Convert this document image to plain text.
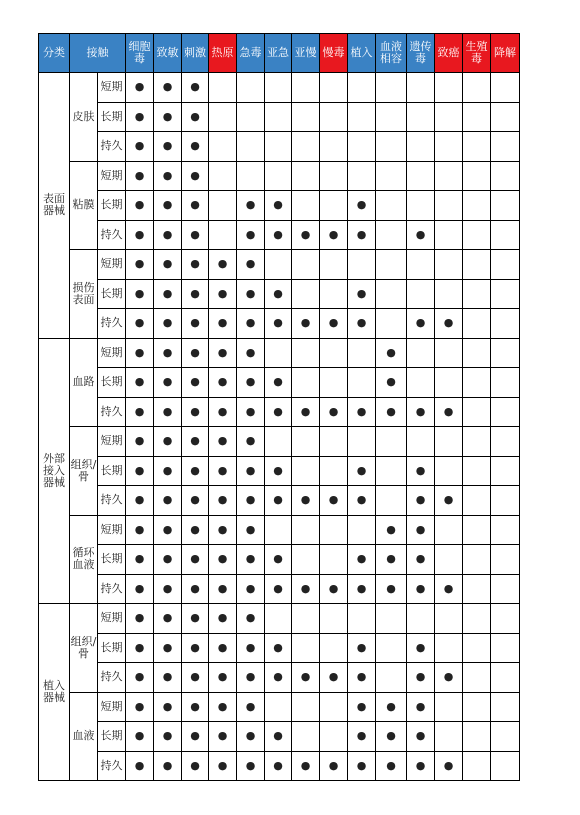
分类	接触		细胞毒	致敏	刺激	热原	急毒	亚急	亚慢	慢毒	植入	血液相容	遗传毒	致癌	生殖毒	降解
表面器械	皮肤	短期	●	●	●											
		长期	●	●	●											
		持久	●	●	●											
	粘膜	短期	●	●	●											
		长期	●	●	●		●	●			●					
		持久	●	●	●		●	●	●	●	●		●			
	损伤表面	短期	●	●	●	●	●									
		长期	●	●	●	●	●	●			●					
		持久	●	●	●	●	●	●	●	●	●		●	●		
外部接入器械	血路	短期	●	●	●	●	●					●				
		长期	●	●	●	●	●	●				●				
		持久	●	●	●	●	●	●	●	●	●	●	●	●		
	组织/骨	短期	●	●	●	●	●									
		长期	●	●	●	●	●	●			●		●			
		持久	●	●	●	●	●	●	●	●	●		●	●		
	循环血液	短期	●	●	●	●	●					●	●			
		长期	●	●	●	●	●	●			●	●	●			
		持久	●	●	●	●	●	●	●	●	●	●	●	●		
植入器械	组织/骨	短期	●	●	●	●	●									
		长期	●	●	●	●	●	●			●		●			
		持久	●	●	●	●	●	●	●	●	●		●	●		
	血液	短期	●	●	●	●	●				●	●	●			
		长期	●	●	●	●	●	●			●	●	●			
		持久	●	●	●	●	●	●	●	●	●	●	●	●		
